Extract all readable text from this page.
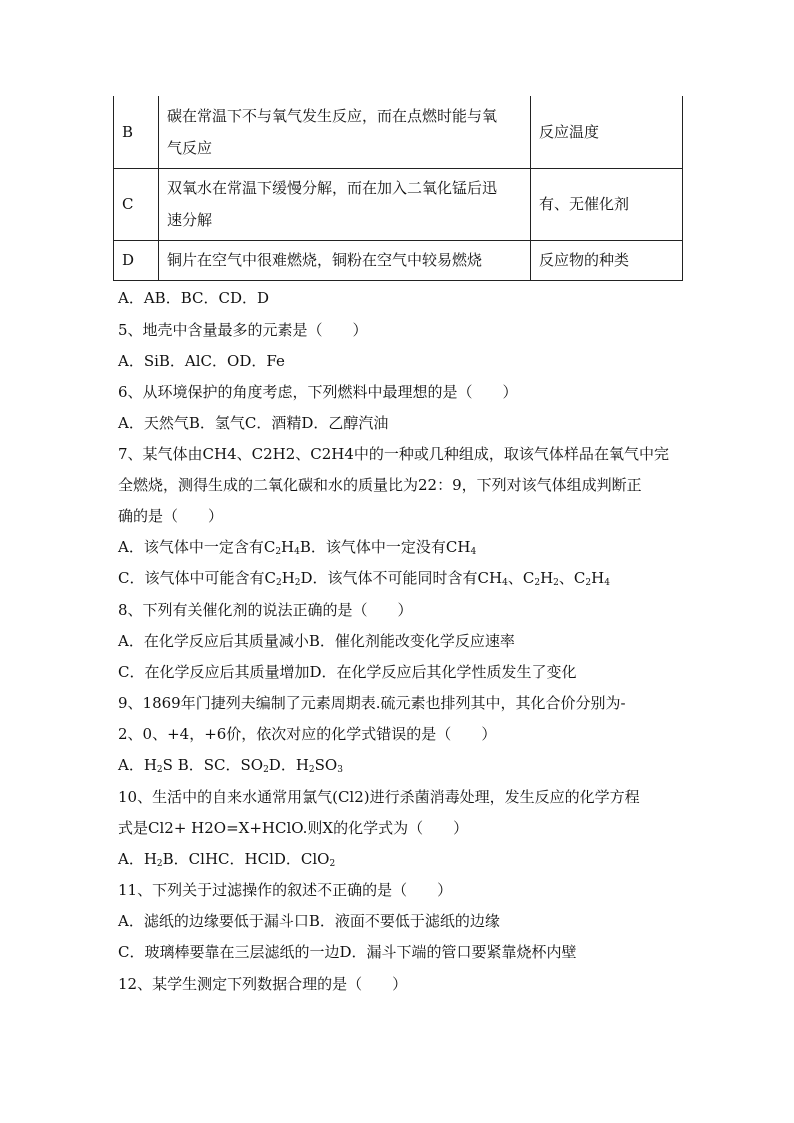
B	碳在常温下不与氧气发生反应，而在点燃时能与氧
气反应	反应温度
C	双氧水在常温下缓慢分解，而在加入二氧化锰后迅
速分解	有、无催化剂
D	铜片在空气中很难燃烧，铜粉在空气中较易燃烧	反应物的种类
A．AB．BC．CD．D
5、地壳中含量最多的元素是（　　）
A．SiB．AlC．OD．Fe
6、从环境保护的角度考虑，下列燃料中最理想的是（　　）
A．天然气B．氢气C．酒精D．乙醇汽油
7、某气体由CH4、C2H2、C2H4中的一种或几种组成，取该气体样品在氧气中完
全燃烧，测得生成的二氧化碳和水的质量比为22：9，下列对该气体组成判断正
确的是（　　）
A．该气体中一定含有$C_2H_4B$．该气体中一定没有$CH_4$
C．该气体中可能含有$C_2H_2D$．该气体不可能同时含有$CH_4$、$C_2H_2$、$C_2H_4$
8、下列有关催化剂的说法正确的是（　　）
A．在化学反应后其质量减小B．催化剂能改变化学反应速率
C．在化学反应后其质量增加D．在化学反应后其化学性质发生了变化
9、1869年门捷列夫编制了元素周期表.硫元素也排列其中，其化合价分别为-
2、0、+4，+6价，依次对应的化学式错误的是（　　）
A．$H_2S$ B．SC．$SO_2D$．$H_2SO_3$
10、生活中的自来水通常用氯气(Cl2)进行杀菌消毒处理，发生反应的化学方程
式是Cl2+ H2O=X+HClO.则X的化学式为（　　）
A．$H_2B$．ClHC．HClD．ClO$_2$
11、下列关于过滤操作的叙述不正确的是（　　）
A．滤纸的边缘要低于漏斗口B．液面不要低于滤纸的边缘
C．玻璃棒要靠在三层滤纸的一边D．漏斗下端的管口要紧靠烧杯内壁
12、某学生测定下列数据合理的是（　　）
